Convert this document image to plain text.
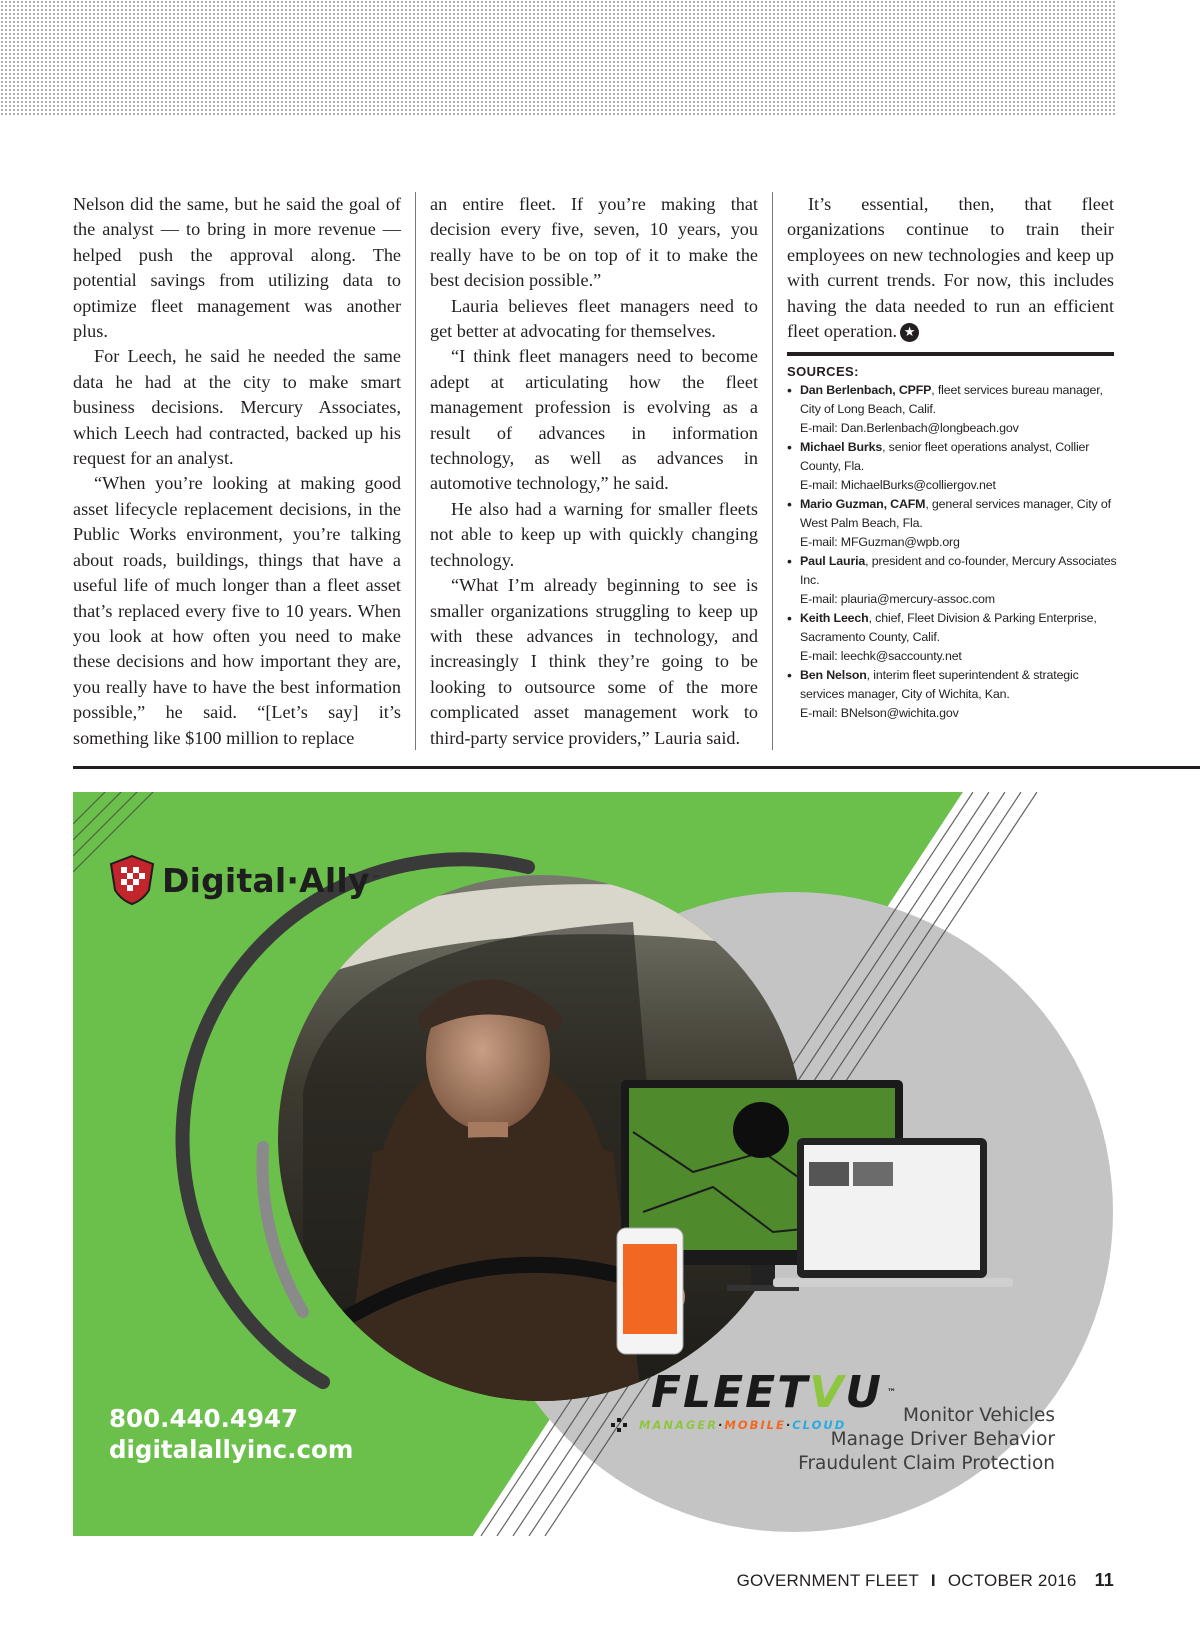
Nelson did the same, but he said the goal of the analyst — to bring in more revenue — helped push the approval along. The potential savings from utilizing data to optimize fleet management was another plus.

For Leech, he said he needed the same data he had at the city to make smart business decisions. Mercury Associates, which Leech had contracted, backed up his request for an analyst.

“When you’re looking at making good asset lifecycle replacement decisions, in the Public Works environment, you’re talking about roads, buildings, things that have a useful life of much longer than a fleet asset that’s replaced every five to 10 years. When you look at how often you need to make these decisions and how important they are, you really have to have the best information possible,” he said. “[Let’s say] it’s something like $100 million to replace

an entire fleet. If you’re making that decision every five, seven, 10 years, you really have to be on top of it to make the best decision possible.”

Lauria believes fleet managers need to get better at advocating for themselves.

“I think fleet managers need to become adept at articulating how the fleet management profession is evolving as a result of advances in information technology, as well as advances in automotive technology,” he said.

He also had a warning for smaller fleets not able to keep up with quickly changing technology.

“What I’m already beginning to see is smaller organizations struggling to keep up with these advances in technology, and increasingly I think they’re going to be looking to outsource some of the more complicated asset management work to third-party service providers,” Lauria said.

It’s essential, then, that fleet organizations continue to train their employees on new technologies and keep up with current trends. For now, this includes having the data needed to run an efficient fleet operation. ★

SOURCES:
• Dan Berlenbach, CPFP, fleet services bureau manager, City of Long Beach, Calif.
E-mail: Dan.Berlenbach@longbeach.gov
• Michael Burks, senior fleet operations analyst, Collier County, Fla.
E-mail: MichaelBurks@colliergov.net
• Mario Guzman, CAFM, general services manager, City of West Palm Beach, Fla.
E-mail: MFGuzman@wpb.org
• Paul Lauria, president and co-founder, Mercury Associates Inc.
E-mail: plauria@mercury-assoc.com
• Keith Leech, chief, Fleet Division & Parking Enterprise, Sacramento County, Calif.
E-mail: leechk@saccounty.net
• Ben Nelson, interim fleet superintendent & strategic services manager, City of Wichita, Kan.
E-mail: BNelson@wichita.gov
Digital·Ally ™
800.440.4947
digitalallyinc.com
FLEETVU ™
MANAGER · MOBILE · CLOUD	Monitor Vehicles
Manage Driver Behavior
Fraudulent Claim Protection
GOVERNMENT FLEET I OCTOBER 2016 11
